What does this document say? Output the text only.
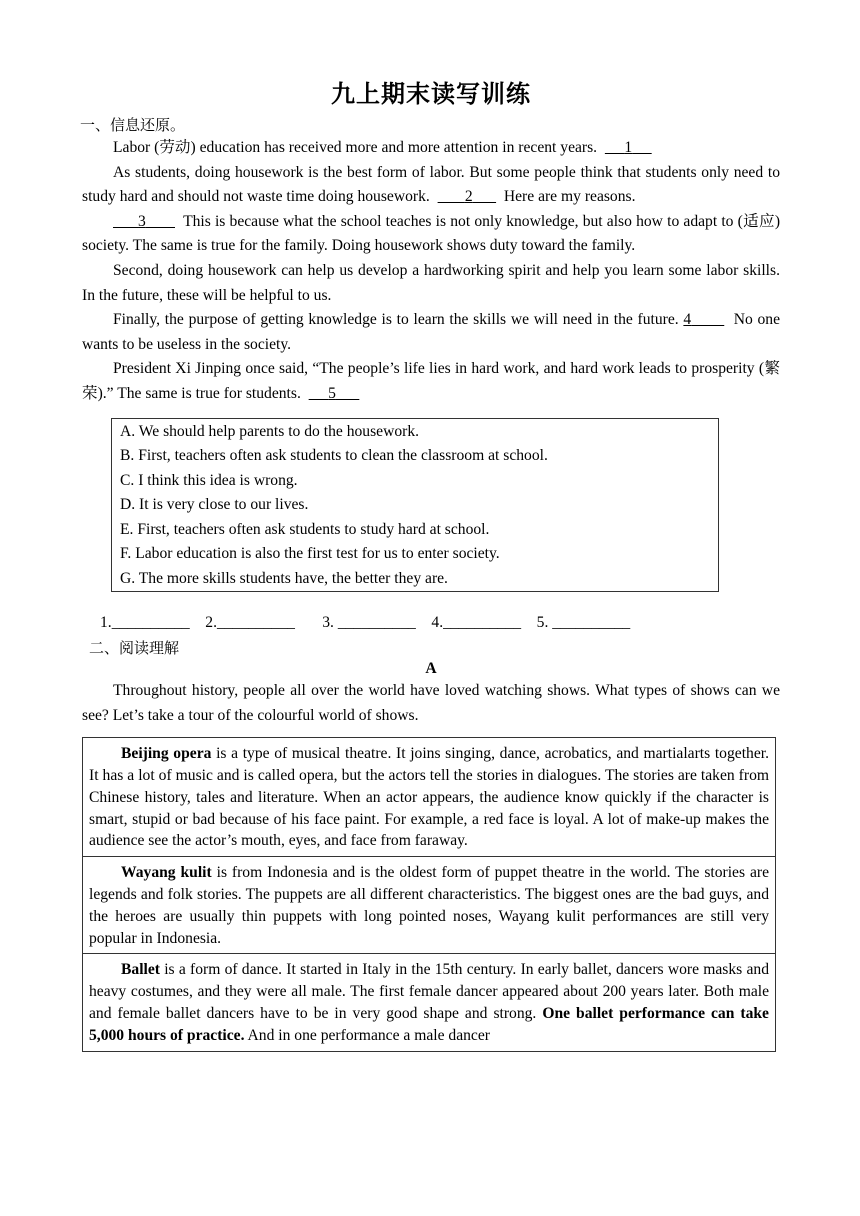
九上期末读写训练
一、信息还原。

Labor (劳动) education has received more and more attention in recent years. 1

As students, doing housework is the best form of labor. But some people think that students only need to study hard and should not waste time doing housework. 2 Here are my reasons.

3 This is because what the school teaches is not only knowledge, but also how to adapt to (适应) society. The same is true for the family. Doing housework shows duty toward the family.

Second, doing housework can help us develop a hardworking spirit and help you learn some labor skills. In the future, these will be helpful to us.

Finally, the purpose of getting knowledge is to learn the skills we will need in the future. 4	No one wants to be useless in the society.

President Xi Jinping once said, “The people’s life lies in hard work, and hard work leads to prosperity (繁荣).” The same is true for students. 5

A. We should help parents to do the housework.
B. First, teachers often ask students to clean the classroom at school.
C. I think this idea is wrong.
D. It is very close to our lives.
E. First, teachers often ask students to study hard at school.
F. Labor education is also the first test for us to enter society.
G. The more skills students have, the better they are.
1.__________ 2.__________ 3. __________ 4.__________ 5. __________
二、阅读理解
A

Throughout history, people all over the world have loved watching shows. What types of shows can we see? Let’s take a tour of the colourful world of shows.

Beijing opera is a type of musical theatre. It joins singing, dance, acrobatics, and martialarts together. It has a lot of music and is called opera, but the actors tell the stories in dialogues. The stories are taken from Chinese history, tales and literature. When an actor appears, the audience know quickly if the character is smart, stupid or bad because of his face paint. For example, a red face is loyal. A lot of make-up makes the audience see the actor’s mouth, eyes, and face from faraway.
Wayang kulit is from Indonesia and is the oldest form of puppet theatre in the world. The stories are legends and folk stories. The puppets are all different characteristics. The biggest ones are the bad guys, and the heroes are usually thin puppets with long pointed noses, Wayang kulit performances are still very popular in Indonesia.
Ballet is a form of dance. It started in Italy in the 15th century. In early ballet, dancers wore masks and heavy costumes, and they were all male. The first female dancer appeared about 200 years later. Both male and female ballet dancers have to be in very good shape and strong. One ballet performance can take 5,000 hours of practice. And in one performance a male dancer
